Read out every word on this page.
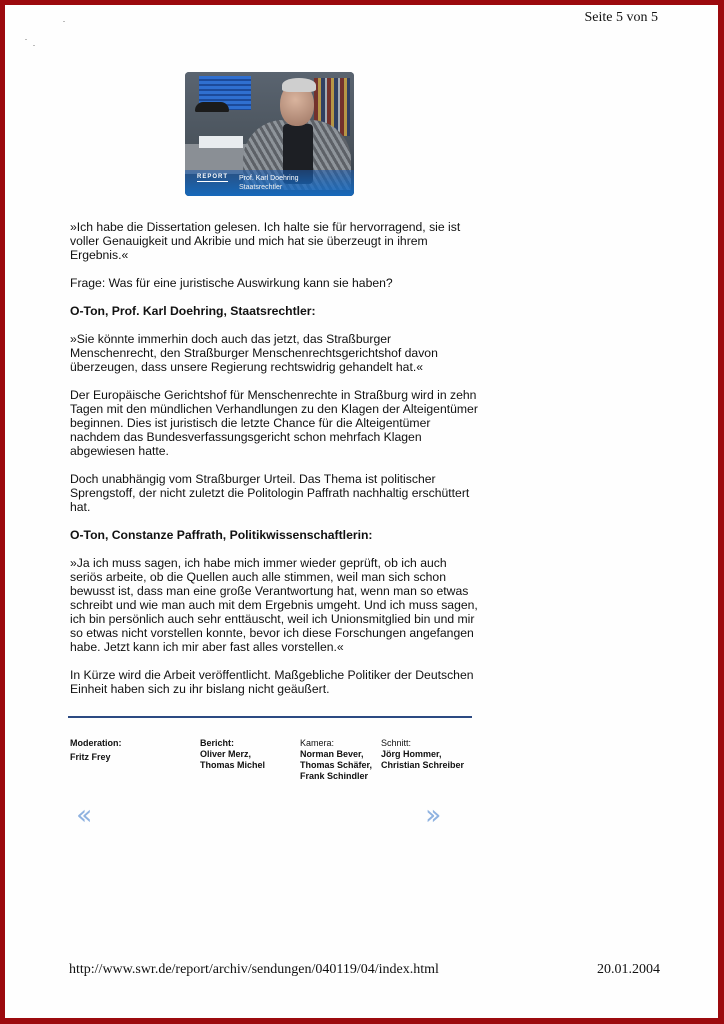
Seite 5 von 5
REPORT Prof. Karl Doehring
Staatsrechtler

»Ich habe die Dissertation gelesen. Ich halte sie für hervorragend, sie ist voller Genauigkeit und Akribie und mich hat sie überzeugt in ihrem Ergebnis.«

Frage: Was für eine juristische Auswirkung kann sie haben?

O-Ton, Prof. Karl Doehring, Staatsrechtler:

»Sie könnte immerhin doch auch das jetzt, das Straßburger Menschenrecht, den Straßburger Menschenrechtsgerichtshof davon überzeugen, dass unsere Regierung rechtswidrig gehandelt hat.«

Der Europäische Gerichtshof für Menschenrechte in Straßburg wird in zehn Tagen mit den mündlichen Verhandlungen zu den Klagen der Alteigentümer beginnen. Dies ist juristisch die letzte Chance für die Alteigentümer nachdem das Bundesverfassungsgericht schon mehrfach Klagen abgewiesen hatte.

Doch unabhängig vom Straßburger Urteil. Das Thema ist politischer Sprengstoff, der nicht zuletzt die Politologin Paffrath nachhaltig erschüttert hat.

O-Ton, Constanze Paffrath, Politikwissenschaftlerin:

»Ja ich muss sagen, ich habe mich immer wieder geprüft, ob ich auch seriös arbeite, ob die Quellen auch alle stimmen, weil man sich schon bewusst ist, dass man eine große Verantwortung hat, wenn man so etwas schreibt und wie man auch mit dem Ergebnis umgeht. Und ich muss sagen, ich bin persönlich auch sehr enttäuscht, weil ich Unionsmitglied bin und mir so etwas nicht vorstellen konnte, bevor ich diese Forschungen angefangen habe. Jetzt kann ich mir aber fast alles vorstellen.«

In Kürze wird die Arbeit veröffentlicht. Maßgebliche Politiker der Deutschen Einheit haben sich zu ihr bislang nicht geäußert.

Moderation:
Fritz Frey
Bericht:
Oliver Merz,
Thomas Michel
Kamera:
Norman Bever,
Thomas Schäfer,
Frank Schindler
Schnitt:
Jörg Hommer,
Christian Schreiber
‹‹	››
http://www.swr.de/report/archiv/sendungen/040119/04/index.html	20.01.2004
